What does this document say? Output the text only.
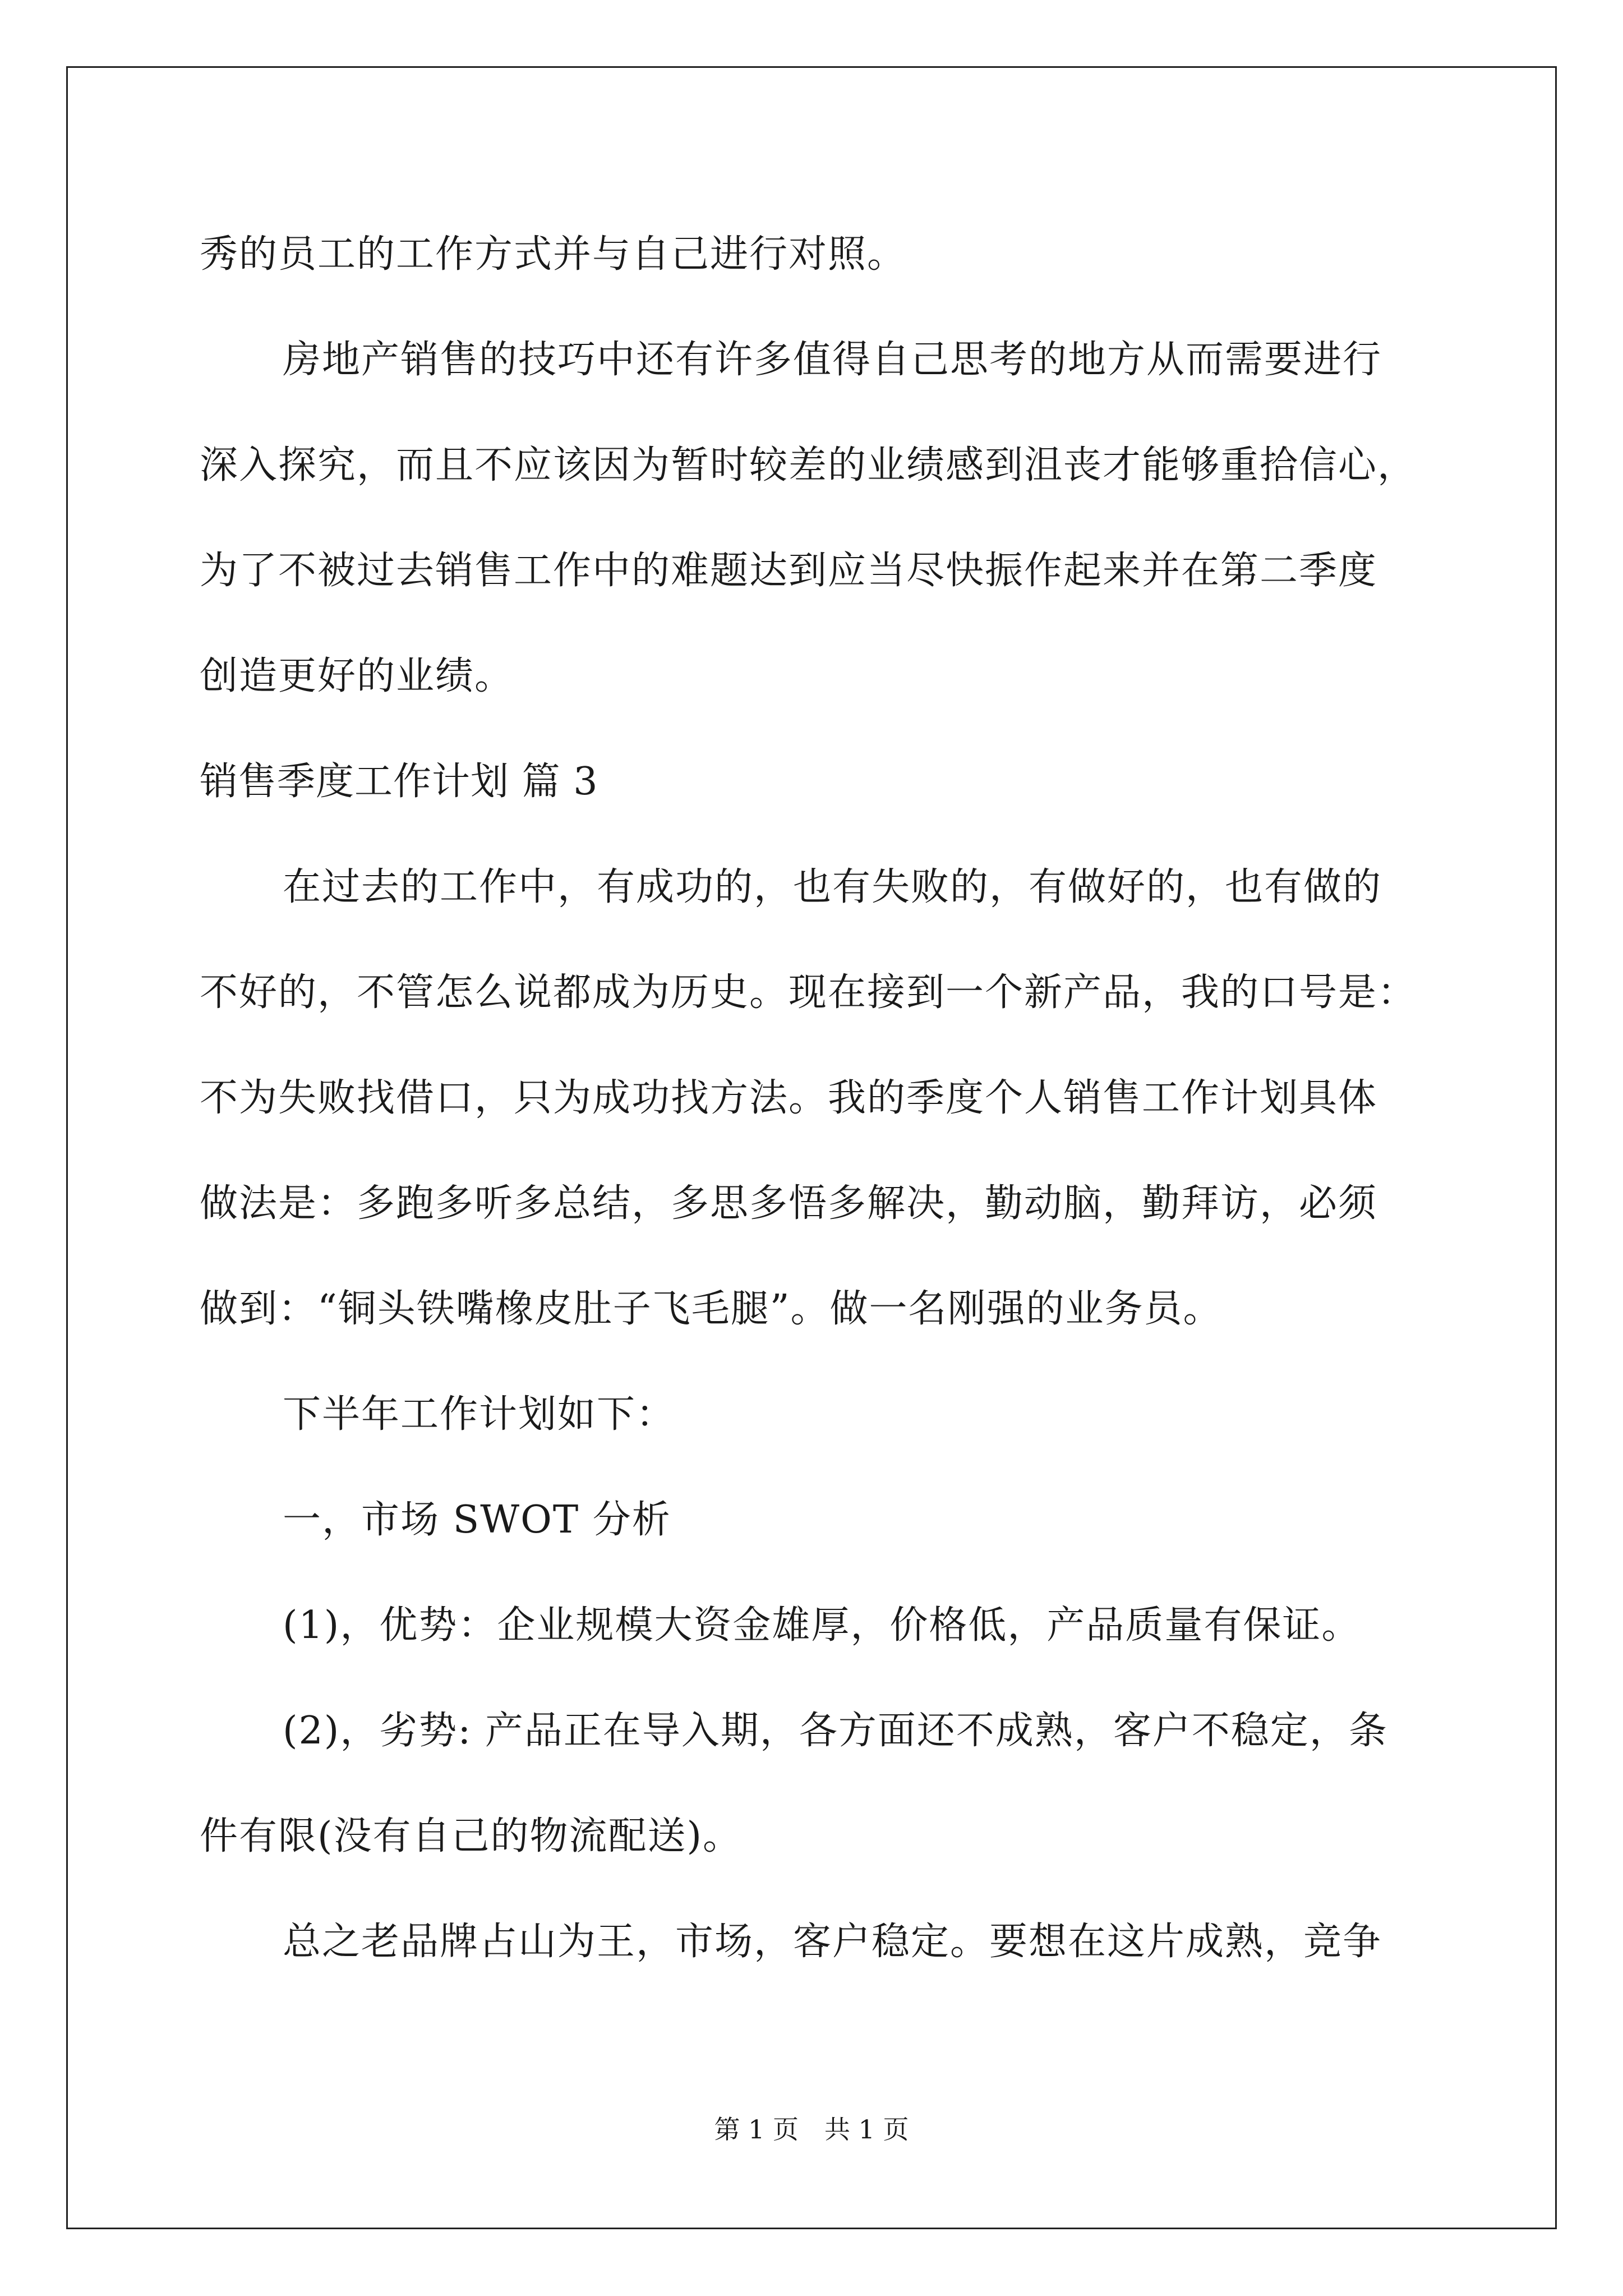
秀的员工的工作方式并与自己进行对照。
房地产销售的技巧中还有许多值得自己思考的地方从而需要进行
深入探究，而且不应该因为暂时较差的业绩感到沮丧才能够重拾信心，
为了不被过去销售工作中的难题达到应当尽快振作起来并在第二季度
创造更好的业绩。
销售季度工作计划 篇 3
在过去的工作中，有成功的，也有失败的，有做好的，也有做的
不好的，不管怎么说都成为历史。现在接到一个新产品，我的口号是：
不为失败找借口，只为成功找方法。我的季度个人销售工作计划具体
做法是：多跑多听多总结，多思多悟多解决，勤动脑，勤拜访，必须
做到：“铜头铁嘴橡皮肚子飞毛腿”。做一名刚强的业务员。
下半年工作计划如下：
一，市场 SWOT 分析
(1)，优势：企业规模大资金雄厚，价格低，产品质量有保证。
(2)，劣势: 产品正在导入期，各方面还不成熟，客户不稳定，条
件有限(没有自己的物流配送)。
总之老品牌占山为王，市场，客户稳定。要想在这片成熟，竞争
第 1 页　共 1 页
